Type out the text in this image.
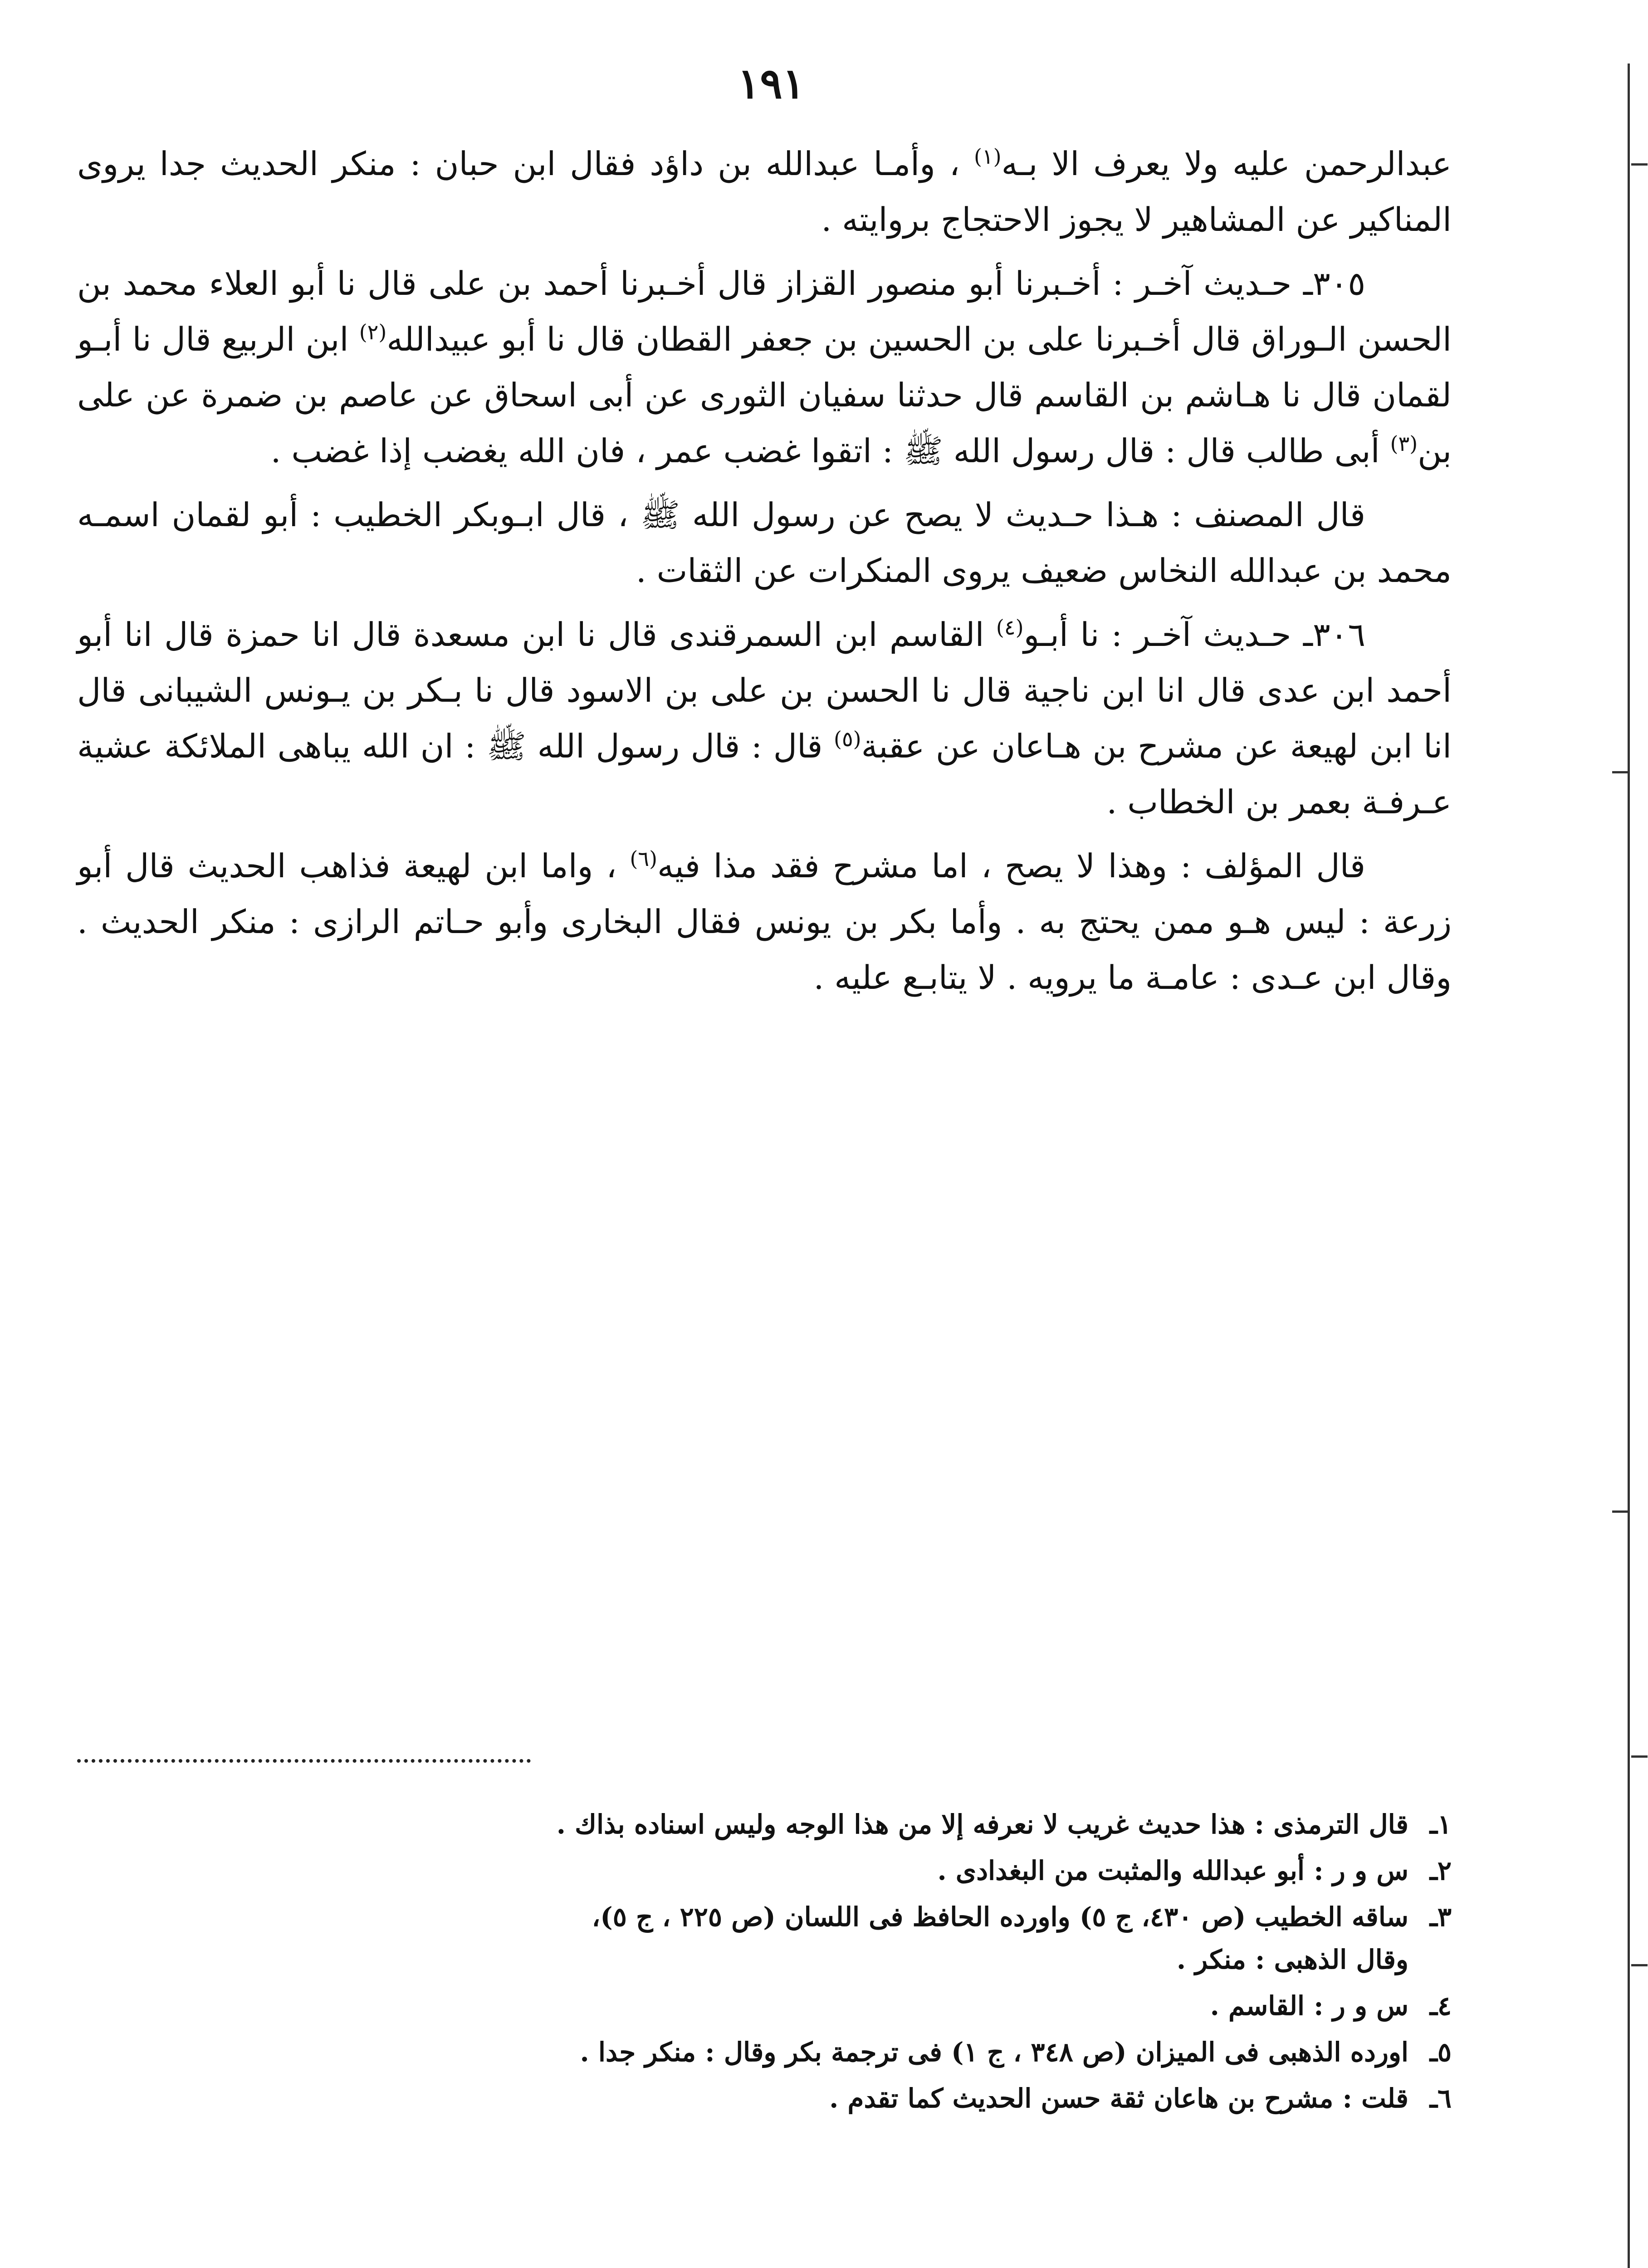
١٩١

عبدالرحمن عليه ولا يعرف الا بـه$^{(١)}$ ، وأمـا عبدالله بن داؤد فقال ابن حبان : منكر الحديث جدا يروى المناكير عن المشاهير لا يجوز الاحتجاج بروايته .

٣٠٥ـ حـديث آخـر : أخـبرنا أبو منصور القزاز قال أخـبرنا أحمد بن على قال نا أبو العلاء محمد بن الحسن الـوراق قال أخـبرنا على بن الحسين بن جعفر القطان قال نا أبو عبيدالله$^{(٢)}$ ابن الربيع قال نا أبـو لقمان قال نا هـاشم بن القاسم قال حدثنا سفيان الثورى عن أبى اسحاق عن عاصم بن ضمرة عن على بن$^{(٣)}$ أبى طالب قال : قال رسول الله ﷺ : اتقوا غضب عمر ، فان الله يغضب إذا غضب .

قال المصنف : هـذا حـديث لا يصح عن رسول الله ﷺ ، قال ابـوبكر الخطيب : أبو لقمان اسمـه محمد بن عبدالله النخاس ضعيف يروى المنكرات عن الثقات .

٣٠٦ـ حـديث آخـر : نا أبـو$^{(٤)}$ القاسم ابن السمرقندى قال نا ابن مسعدة قال انا حمزة قال انا أبو أحمد ابن عدى قال انا ابن ناجية قال نا الحسن بن على بن الاسود قال نا بـكر بن يـونس الشيبانى قال انا ابن لهيعة عن مشرح بن هـاعان عن عقبة$^{(٥)}$ قال : قال رسول الله ﷺ : ان الله يباهى الملائكة عشية عـرفـة بعمر بن الخطاب .

قال المؤلف : وهذا لا يصح ، اما مشرح فقد مذا فيه$^{(٦)}$ ، واما ابن لهيعة فذاهب الحديث قال أبو زرعة : ليس هـو ممن يحتج به . وأما بكر بن يونس فقال البخارى وأبو حـاتم الرازى : منكر الحديث . وقال ابن عـدى : عامـة ما يرويه . لا يتابـع عليه .

١ـقال الترمذى : هذا حديث غريب لا نعرفه إلا من هذا الوجه وليس اسناده بذاك .
٢ـس و ر : أبو عبدالله والمثبت من البغدادى .
٣ـساقه الخطيب (ص ٤٣٠، ج ٥) واورده الحافظ فى اللسان (ص ٢٢٥ ، ج ٥)،
وقال الذهبى : منكر .
٤ـس و ر : القاسم .
٥ـاورده الذهبى فى الميزان (ص ٣٤٨ ، ج ١) فى ترجمة بكر وقال : منكر جدا .
٦ـقلت : مشرح بن هاعان ثقة حسن الحديث كما تقدم .
